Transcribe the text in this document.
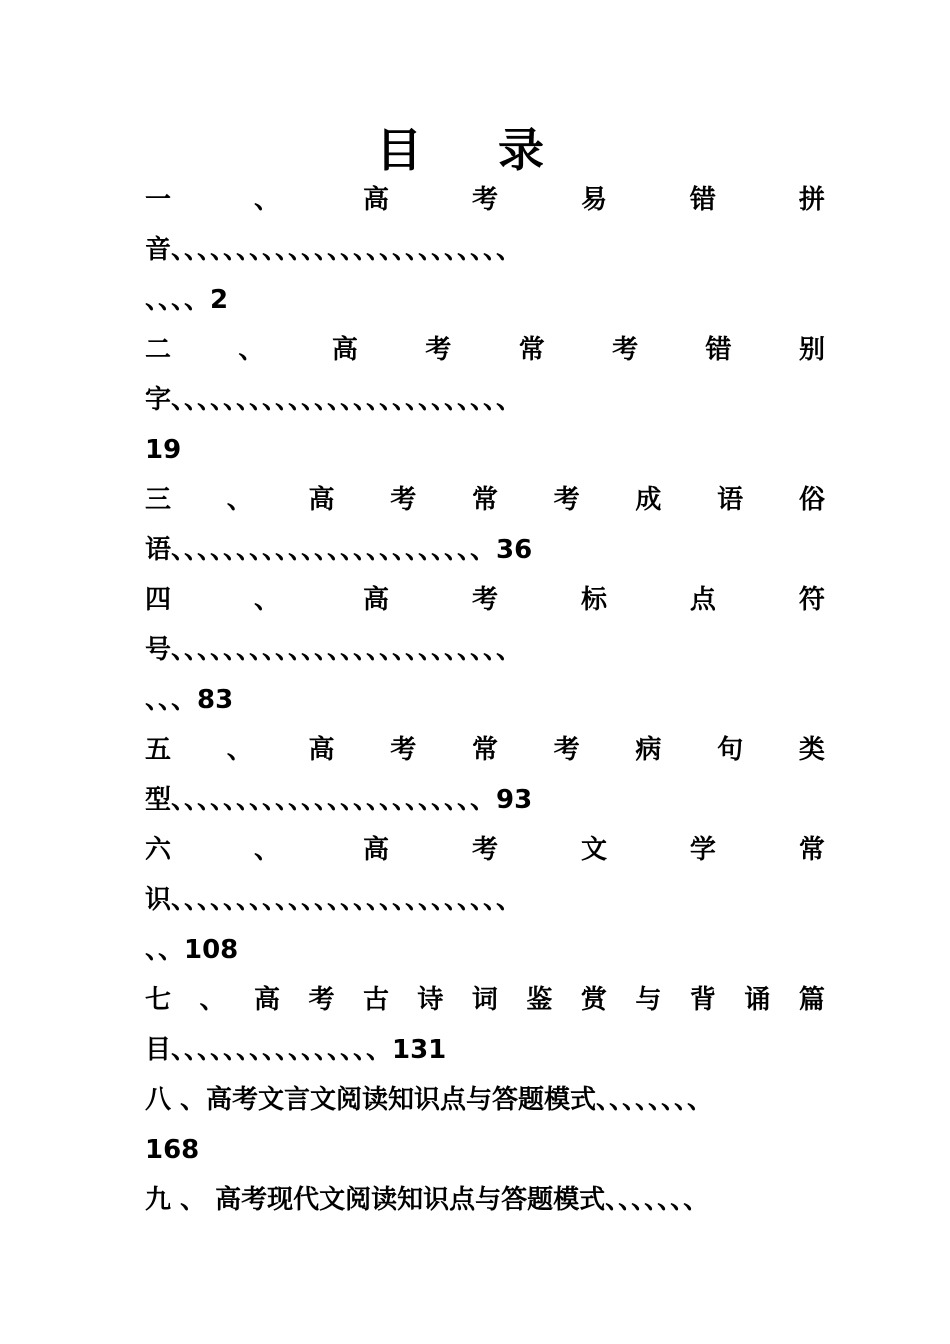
目 录
一	、	高	考	易	错	拼
音、、、、、、、、、、、、、、、、、、、、、、、、、、
、、、、2
二	、	高	考	常	考	错	别
字、、、、、、、、、、、、、、、、、、、、、、、、、、
19
三 、 高 考 常 考 成 语 俗
语、、、、、、、、、、、、、、、、、、、、、、、、36
四	、	高	考	标	点	符
号、、、、、、、、、、、、、、、、、、、、、、、、、、
、、、83
五 、 高 考 常 考 病 句 类
型、、、、、、、、、、、、、、、、、、、、、、、、93
六	、	高	考	文	学	常
识、、、、、、、、、、、、、、、、、、、、、、、、、、
、、108
七 、 高 考 古 诗 词 鉴 赏 与 背 诵 篇
目、、、、、、、、、、、、、、、、131
八 、高考文言文阅读知识点与答题模式、、、、、、、、
168
九 、 高考现代文阅读知识点与答题模式、、、、、、、
